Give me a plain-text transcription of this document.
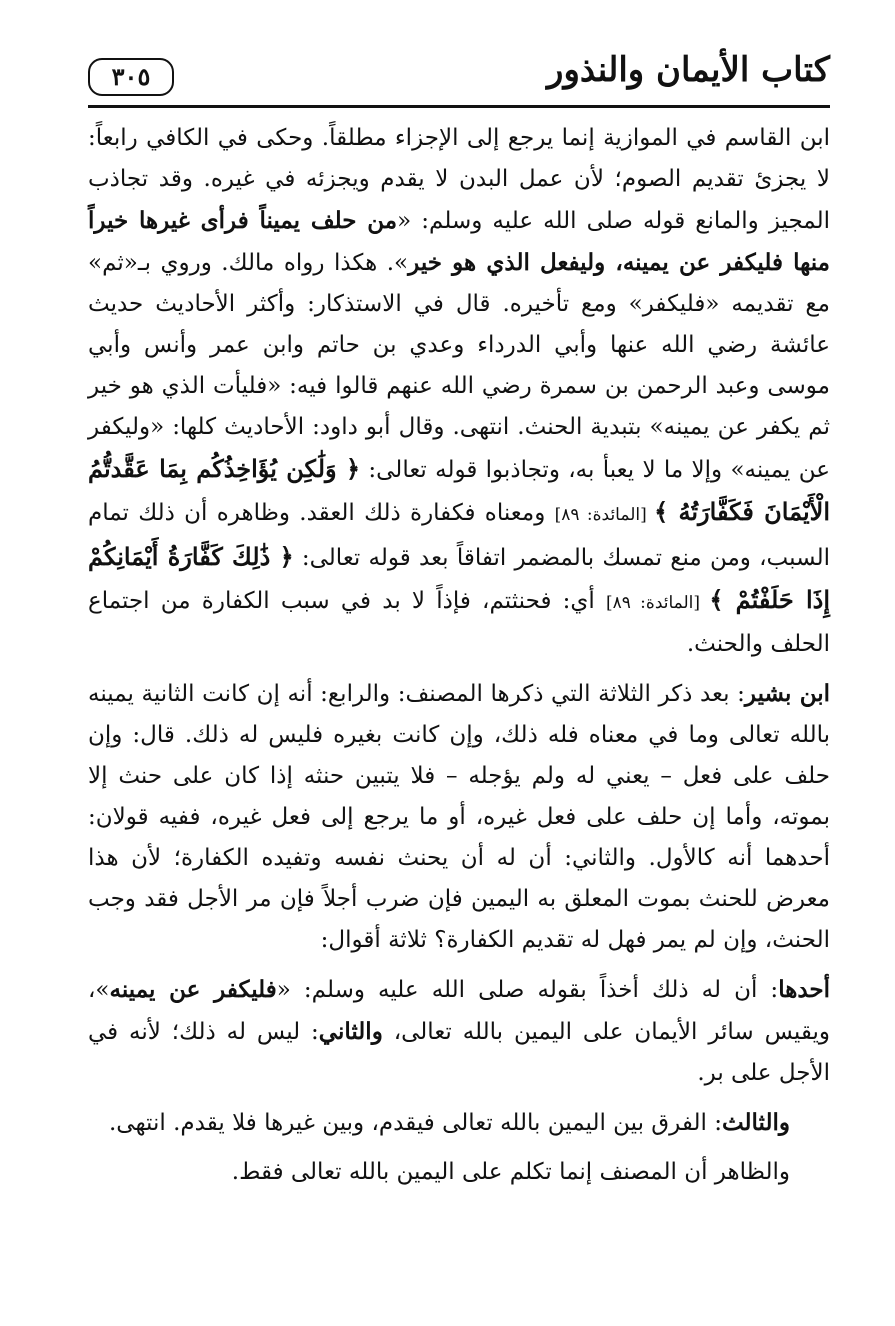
٣٠٥	كتاب الأيمان والنذور

ابن القاسم في الموازية إنما يرجع إلى الإجزاء مطلقاً. وحكى في الكافي رابعاً: لا يجزئ تقديم الصوم؛ لأن عمل البدن لا يقدم ويجزئه في غيره. وقد تجاذب المجيز والمانع قوله صلى الله عليه وسلم: «من حلف يميناً فرأى غيرها خيراً منها فليكفر عن يمينه، وليفعل الذي هو خير». هكذا رواه مالك. وروي بـ«ثم» مع تقديمه «فليكفر» ومع تأخيره. قال في الاستذكار: وأكثر الأحاديث حديث عائشة رضي الله عنها وأبي الدرداء وعدي بن حاتم وابن عمر وأنس وأبي موسى وعبد الرحمن بن سمرة رضي الله عنهم قالوا فيه: «فليأت الذي هو خير ثم يكفر عن يمينه» بتبدية الحنث. انتهى. وقال أبو داود: الأحاديث كلها: «وليكفر عن يمينه» وإلا ما لا يعبأ به، وتجاذبوا قوله تعالى: ﴿ وَلَٰكِن يُؤَاخِذُكُم بِمَا عَقَّدتُّمُ الْأَيْمَانَ فَكَفَّارَتُهُ ﴾ [المائدة: ٨٩] ومعناه فكفارة ذلك العقد. وظاهره أن ذلك تمام السبب، ومن منع تمسك بالمضمر اتفاقاً بعد قوله تعالى: ﴿ ذَٰلِكَ كَفَّارَةُ أَيْمَانِكُمْ إِذَا حَلَفْتُمْ ﴾ [المائدة: ٨٩] أي: فحنثتم، فإذاً لا بد في سبب الكفارة من اجتماع الحلف والحنث.

ابن بشير: بعد ذكر الثلاثة التي ذكرها المصنف: والرابع: أنه إن كانت الثانية يمينه بالله تعالى وما في معناه فله ذلك، وإن كانت بغيره فليس له ذلك. قال: وإن حلف على فعل – يعني له ولم يؤجله – فلا يتبين حنثه إذا كان على حنث إلا بموته، وأما إن حلف على فعل غيره، أو ما يرجع إلى فعل غيره، ففيه قولان: أحدهما أنه كالأول. والثاني: أن له أن يحنث نفسه وتفيده الكفارة؛ لأن هذا معرض للحنث بموت المعلق به اليمين فإن ضرب أجلاً فإن مر الأجل فقد وجب الحنث، وإن لم يمر فهل له تقديم الكفارة؟ ثلاثة أقوال:

أحدها: أن له ذلك أخذاً بقوله صلى الله عليه وسلم: «فليكفر عن يمينه»، ويقيس سائر الأيمان على اليمين بالله تعالى، والثاني: ليس له ذلك؛ لأنه في الأجل على بر.

والثالث: الفرق بين اليمين بالله تعالى فيقدم، وبين غيرها فلا يقدم. انتهى.

والظاهر أن المصنف إنما تكلم على اليمين بالله تعالى فقط.
